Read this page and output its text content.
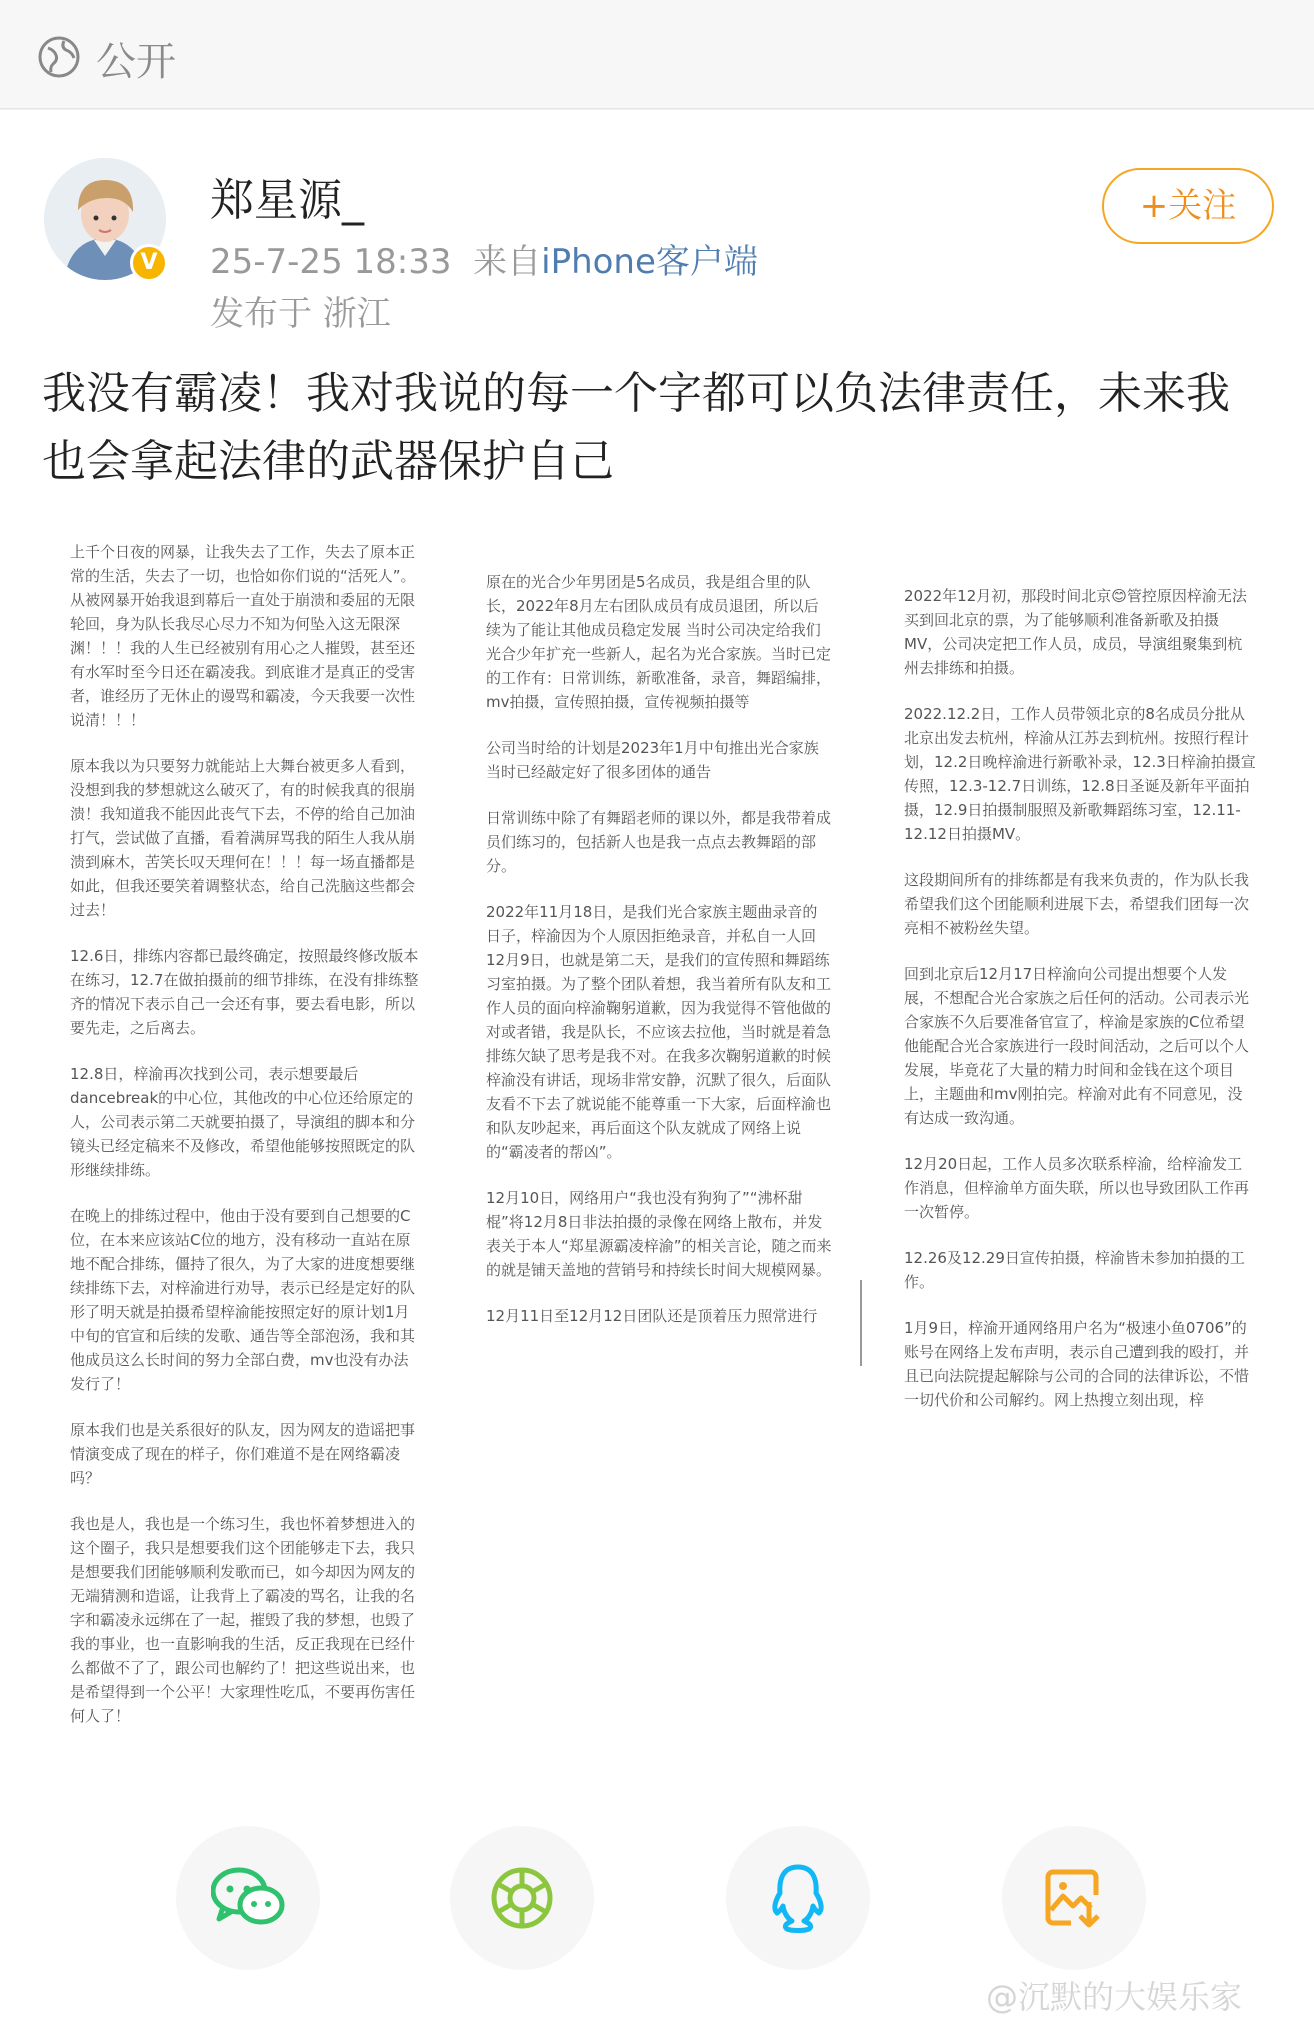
公开
V
郑星源_
25-7-25 18:33 来自iPhone客户端
发布于 浙江
+关注
我没有霸凌！我对我说的每一个字都可以负法律责任，未来我也会拿起法律的武器保护自己

上千个日夜的网暴，让我失去了工作，失去了原本正常的生活，失去了一切，也恰如你们说的“活死人”。从被网暴开始我退到幕后一直处于崩溃和委屈的无限轮回，身为队长我尽心尽力不知为何坠入这无限深渊！！！我的人生已经被别有用心之人摧毁，甚至还有水军时至今日还在霸凌我。到底谁才是真正的受害者，谁经历了无休止的谩骂和霸凌，今天我要一次性说清！！！

原本我以为只要努力就能站上大舞台被更多人看到，没想到我的梦想就这么破灭了，有的时候我真的很崩溃！我知道我不能因此丧气下去，不停的给自己加油打气，尝试做了直播，看着满屏骂我的陌生人我从崩溃到麻木，苦笑长叹天理何在！！！每一场直播都是如此，但我还要笑着调整状态，给自己洗脑这些都会过去！

12.6日，排练内容都已最终确定，按照最终修改版本在练习，12.7在做拍摄前的细节排练，在没有排练整齐的情况下表示自己一会还有事，要去看电影，所以要先走，之后离去。

12.8日，梓渝再次找到公司，表示想要最后dancebreak的中心位，其他改的中心位还给原定的人，公司表示第二天就要拍摄了，导演组的脚本和分镜头已经定稿来不及修改，希望他能够按照既定的队形继续排练。

在晚上的排练过程中，他由于没有要到自己想要的C位，在本来应该站C位的地方，没有移动一直站在原地不配合排练，僵持了很久，为了大家的进度想要继续排练下去，对梓渝进行劝导，表示已经是定好的队形了明天就是拍摄希望梓渝能按照定好的原计划1月中旬的官宣和后续的发歌、通告等全部泡汤，我和其他成员这么长时间的努力全部白费，mv也没有办法发行了！

原本我们也是关系很好的队友，因为网友的造谣把事情演变成了现在的样子，你们难道不是在网络霸凌吗？

我也是人，我也是一个练习生，我也怀着梦想进入的这个圈子，我只是想要我们这个团能够走下去，我只是想要我们团能够顺利发歌而已，如今却因为网友的无端猜测和造谣，让我背上了霸凌的骂名，让我的名字和霸凌永远绑在了一起，摧毁了我的梦想，也毁了我的事业，也一直影响我的生活，反正我现在已经什么都做不了了，跟公司也解约了！把这些说出来，也是希望得到一个公平！大家理性吃瓜，不要再伤害任何人了！

原在的光合少年男团是5名成员，我是组合里的队长，2022年8月左右团队成员有成员退团，所以后续为了能让其他成员稳定发展 当时公司决定给我们光合少年扩充一些新人，起名为光合家族。当时已定的工作有：日常训练，新歌准备，录音，舞蹈编排，mv拍摄，宣传照拍摄，宣传视频拍摄等

公司当时给的计划是2023年1月中旬推出光合家族当时已经敲定好了很多团体的通告

日常训练中除了有舞蹈老师的课以外，都是我带着成员们练习的，包括新人也是我一点点去教舞蹈的部分。

2022年11月18日，是我们光合家族主题曲录音的日子，梓渝因为个人原因拒绝录音，并私自一人回12月9日，也就是第二天，是我们的宣传照和舞蹈练习室拍摄。为了整个团队着想，我当着所有队友和工作人员的面向梓渝鞠躬道歉，因为我觉得不管他做的对或者错，我是队长，不应该去拉他，当时就是着急排练欠缺了思考是我不对。在我多次鞠躬道歉的时候梓渝没有讲话，现场非常安静，沉默了很久，后面队友看不下去了就说能不能尊重一下大家，后面梓渝也和队友吵起来，再后面这个队友就成了网络上说的“霸凌者的帮凶”。

12月10日，网络用户“我也没有狗狗了”“沸杯甜棍”将12月8日非法拍摄的录像在网络上散布，并发表关于本人“郑星源霸凌梓渝”的相关言论，随之而来的就是铺天盖地的营销号和持续长时间大规模网暴。

12月11日至12月12日团队还是顶着压力照常进行

2022年12月初，那段时间北京😊管控原因梓渝无法买到回北京的票，为了能够顺利准备新歌及拍摄MV，公司决定把工作人员，成员，导演组聚集到杭州去排练和拍摄。

2022.12.2日，工作人员带领北京的8名成员分批从北京出发去杭州，梓渝从江苏去到杭州。按照行程计划，12.2日晚梓渝进行新歌补录，12.3日梓渝拍摄宣传照，12.3-12.7日训练，12.8日圣诞及新年平面拍摄，12.9日拍摄制服照及新歌舞蹈练习室，12.11-12.12日拍摄MV。

这段期间所有的排练都是有我来负责的，作为队长我希望我们这个团能顺利进展下去，希望我们团每一次亮相不被粉丝失望。

回到北京后12月17日梓渝向公司提出想要个人发展，不想配合光合家族之后任何的活动。公司表示光合家族不久后要准备官宣了，梓渝是家族的C位希望他能配合光合家族进行一段时间活动，之后可以个人发展，毕竟花了大量的精力时间和金钱在这个项目上，主题曲和mv刚拍完。梓渝对此有不同意见，没有达成一致沟通。

12月20日起，工作人员多次联系梓渝，给梓渝发工作消息，但梓渝单方面失联，所以也导致团队工作再一次暂停。

12.26及12.29日宣传拍摄，梓渝皆未参加拍摄的工作。

1月9日，梓渝开通网络用户名为“极速小鱼0706”的账号在网络上发布声明，表示自己遭到我的殴打，并且已向法院提起解除与公司的合同的法律诉讼，不惜一切代价和公司解约。网上热搜立刻出现，梓

@沉默的大娱乐家
